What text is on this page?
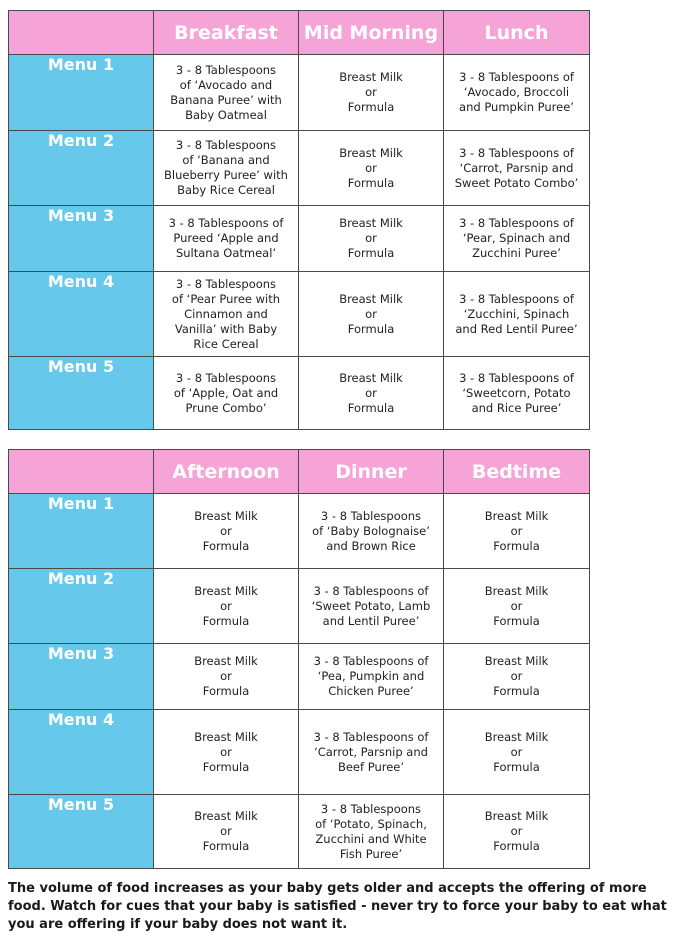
	Breakfast	Mid Morning	Lunch
Menu 1	3 - 8 Tablespoons
of ‘Avocado and
Banana Puree’ with
Baby Oatmeal	Breast Milk
or
Formula	3 - 8 Tablespoons of
‘Avocado, Broccoli
and Pumpkin Puree’
Menu 2	3 - 8 Tablespoons
of ‘Banana and
Blueberry Puree’ with
Baby Rice Cereal	Breast Milk
or
Formula	3 - 8 Tablespoons of
‘Carrot, Parsnip and
Sweet Potato Combo’
Menu 3	3 - 8 Tablespoons of
Pureed ‘Apple and
Sultana Oatmeal’	Breast Milk
or
Formula	3 - 8 Tablespoons of
‘Pear, Spinach and
Zucchini Puree’
Menu 4	3 - 8 Tablespoons
of ‘Pear Puree with
Cinnamon and
Vanilla’ with Baby
Rice Cereal	Breast Milk
or
Formula	3 - 8 Tablespoons of
‘Zucchini, Spinach
and Red Lentil Puree’
Menu 5	3 - 8 Tablespoons
of ‘Apple, Oat and
Prune Combo’	Breast Milk
or
Formula	3 - 8 Tablespoons of
‘Sweetcorn, Potato
and Rice Puree’
	Afternoon	Dinner	Bedtime
Menu 1	Breast Milk
or
Formula	3 - 8 Tablespoons
of ‘Baby Bolognaise’
and Brown Rice	Breast Milk
or
Formula
Menu 2	Breast Milk
or
Formula	3 - 8 Tablespoons of
‘Sweet Potato, Lamb
and Lentil Puree’	Breast Milk
or
Formula
Menu 3	Breast Milk
or
Formula	3 - 8 Tablespoons of
‘Pea, Pumpkin and
Chicken Puree’	Breast Milk
or
Formula
Menu 4	Breast Milk
or
Formula	3 - 8 Tablespoons of
‘Carrot, Parsnip and
Beef Puree’	Breast Milk
or
Formula
Menu 5	Breast Milk
or
Formula	3 - 8 Tablespoons
of ‘Potato, Spinach,
Zucchini and White
Fish Puree’	Breast Milk
or
Formula

The volume of food increases as your baby gets older and accepts the offering of more food. Watch for cues that your baby is satisfied - never try to force your baby to eat what you are offering if your baby does not want it.
